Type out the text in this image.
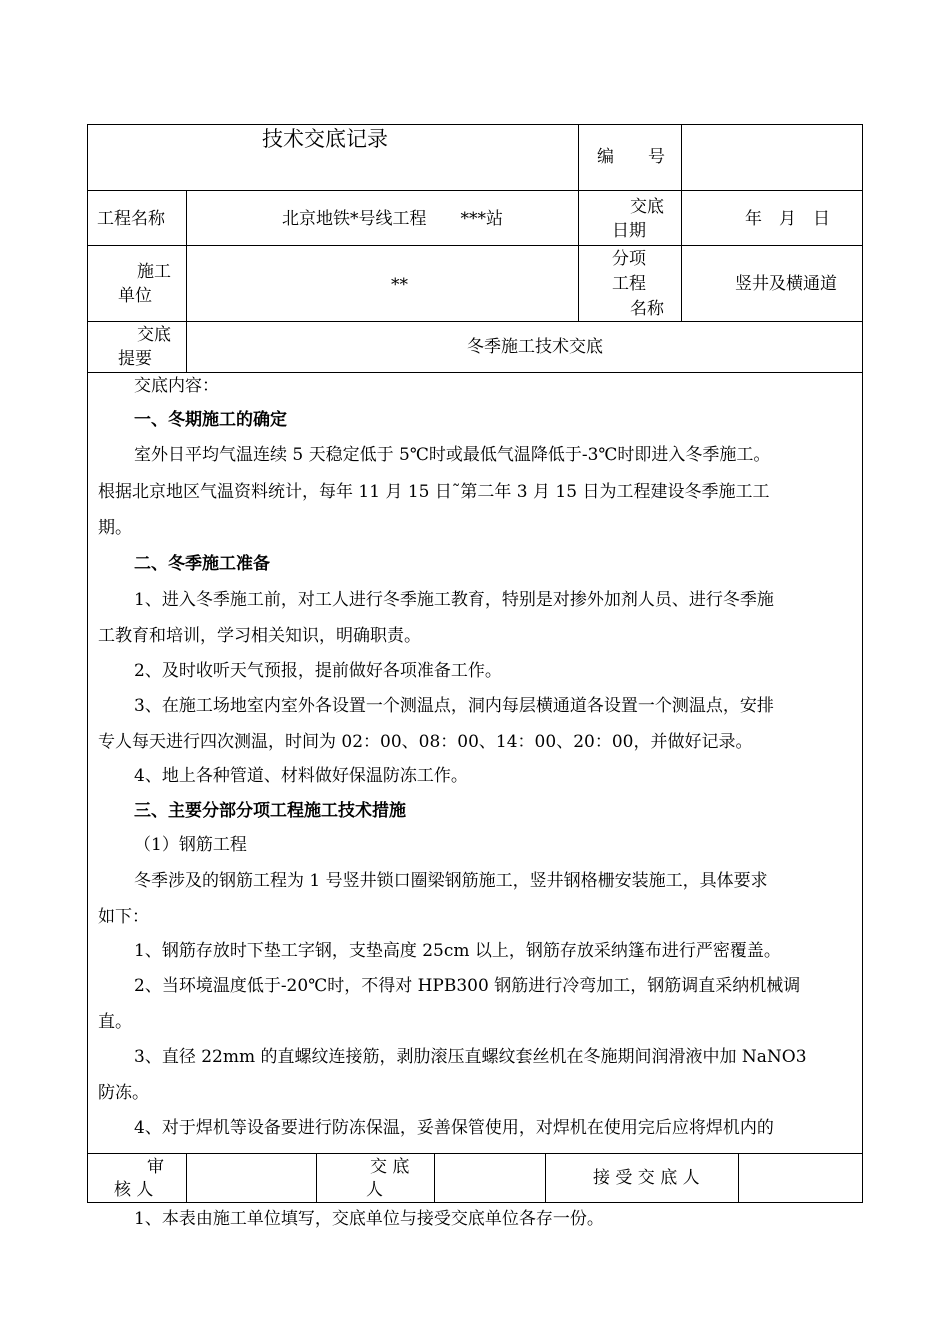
技术交底记录
编　　号
工程名称	北京地铁*号线工程　　***站
交底
日期
年　月　日
施工
单位
**
分项
工程
名称
竖井及横通道
交底
提要
冬季施工技术交底
交底内容：
一、冬期施工的确定
室外日平均气温连续 5 天稳定低于 5℃时或最低气温降低于-3℃时即进入冬季施工。
根据北京地区气温资料统计，每年 11 月 15 日˜第二年 3 月 15 日为工程建设冬季施工工
期。
二、冬季施工准备
1、进入冬季施工前，对工人进行冬季施工教育，特别是对掺外加剂人员、进行冬季施
工教育和培训，学习相关知识，明确职责。
2、及时收听天气预报，提前做好各项准备工作。
3、在施工场地室内室外各设置一个测温点，洞内每层横通道各设置一个测温点，安排
专人每天进行四次测温，时间为 02：00、08：00、14：00、20：00，并做好记录。
4、地上各种管道、材料做好保温防冻工作。
三、主要分部分项工程施工技术措施
（1）钢筋工程
冬季涉及的钢筋工程为 1 号竖井锁口圈梁钢筋施工，竖井钢格栅安装施工，具体要求
如下：
1、钢筋存放时下垫工字钢，支垫高度 25cm 以上，钢筋存放采纳篷布进行严密覆盖。
2、当环境温度低于-20℃时，不得对 HPB300 钢筋进行冷弯加工，钢筋调直采纳机械调
直。
3、直径 22mm 的直螺纹连接筋，剥肋滚压直螺纹套丝机在冬施期间润滑液中加 NaNO3
防冻。
4、对于焊机等设备要进行防冻保温，妥善保管使用，对焊机在使用完后应将焊机内的
审
核 人
交 底
人
接 受 交 底 人
1、本表由施工单位填写，交底单位与接受交底单位各存一份。
